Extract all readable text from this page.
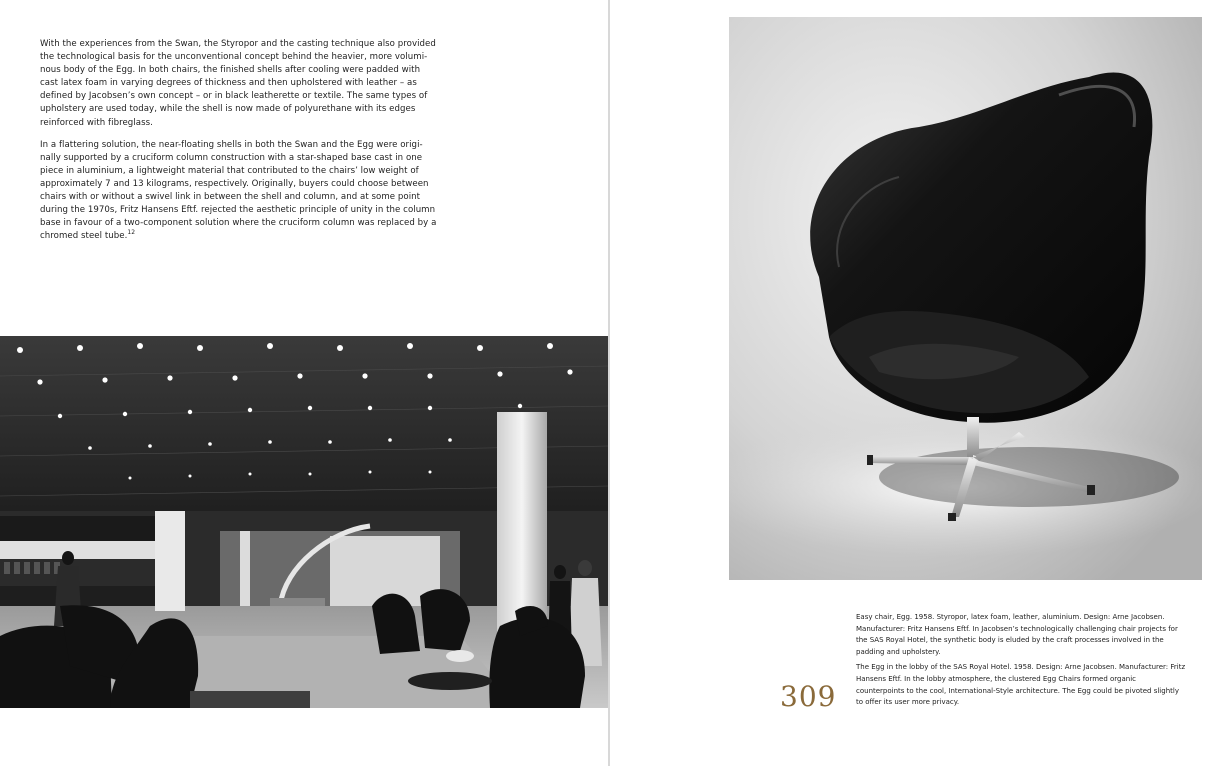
With the experiences from the Swan, the Styropor and the casting technique also provided the technological basis for the unconventional concept behind the heavier, more volumi-nous body of the Egg. In both chairs, the finished shells after cooling were padded with cast latex foam in varying degrees of thickness and then upholstered with leather – as defined by Jacobsen’s own concept – or in black leatherette or textile. The same types of upholstery are used today, while the shell is now made of polyurethane with its edges reinforced with fibreglass.

In a flattering solution, the near-floating shells in both the Swan and the Egg were origi-nally supported by a cruciform column construction with a star-shaped base cast in one piece in aluminium, a lightweight material that contributed to the chairs’ low weight of approximately 7 and 13 kilograms, respectively. Originally, buyers could choose between chairs with or without a swivel link in between the shell and column, and at some point during the 1970s, Fritz Hansens Eftf. rejected the aesthetic principle of unity in the column base in favour of a two-component solution where the cruciform column was replaced by a chromed steel tube.$^{12}$

309

Easy chair, Egg. 1958. Styropor, latex foam, leather, aluminium. Design: Arne Jacobsen. Manufacturer: Fritz Hansens Eftf. In Jacobsen’s technologically challenging chair projects for the SAS Royal Hotel, the synthetic body is eluded by the craft processes involved in the padding and upholstery.

The Egg in the lobby of the SAS Royal Hotel. 1958. Design: Arne Jacobsen. Manufacturer: Fritz Hansens Eftf. In the lobby atmosphere, the clustered Egg Chairs formed organic counterpoints to the cool, International-Style architecture. The Egg could be pivoted slightly to offer its user more privacy.
